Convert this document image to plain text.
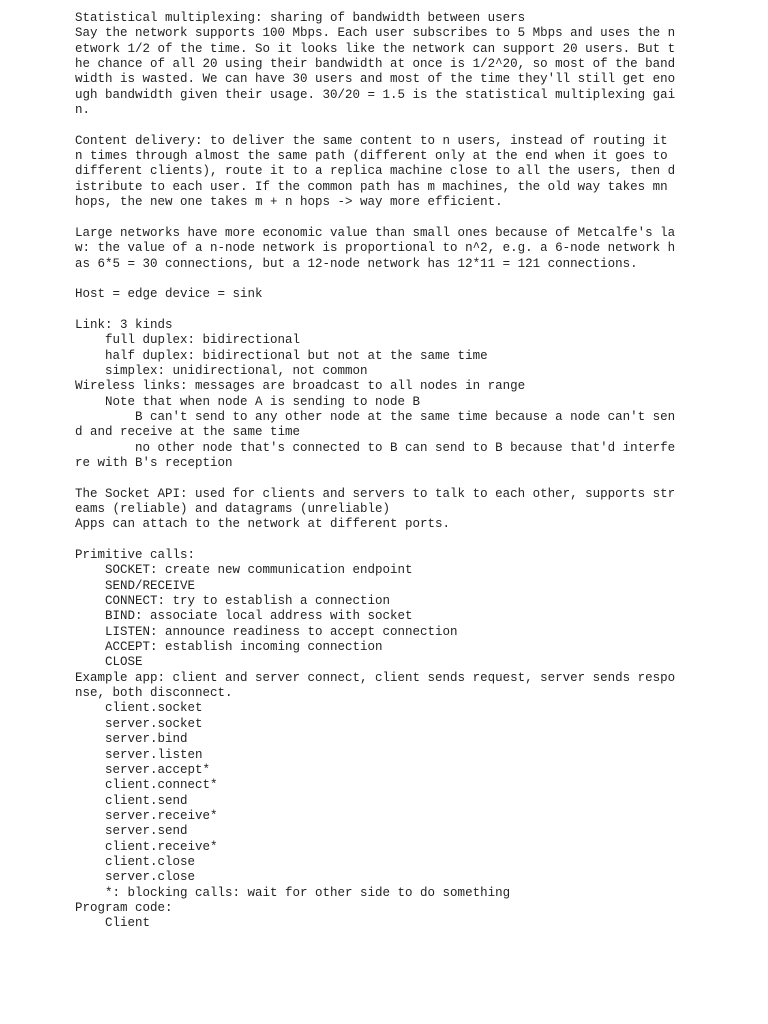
Statistical multiplexing: sharing of bandwidth between users
Say the network supports 100 Mbps. Each user subscribes to 5 Mbps and uses the n
etwork 1/2 of the time. So it looks like the network can support 20 users. But t
he chance of all 20 using their bandwidth at once is 1/2^20, so most of the band
width is wasted. We can have 30 users and most of the time they'll still get eno
ugh bandwidth given their usage. 30/20 = 1.5 is the statistical multiplexing gai
n.
Content delivery: to deliver the same content to n users, instead of routing it
n times through almost the same path (different only at the end when it goes to
different clients), route it to a replica machine close to all the users, then d
istribute to each user. If the common path has m machines, the old way takes mn
hops, the new one takes m + n hops -> way more efficient.
Large networks have more economic value than small ones because of Metcalfe's la
w: the value of a n-node network is proportional to n^2, e.g. a 6-node network h
as 6*5 = 30 connections, but a 12-node network has 12*11 = 121 connections.
Host = edge device = sink
Link: 3 kinds
full duplex: bidirectional
half duplex: bidirectional but not at the same time
simplex: unidirectional, not common
Wireless links: messages are broadcast to all nodes in range
Note that when node A is sending to node B
B can't send to any other node at the same time because a node can't sen
d and receive at the same time
no other node that's connected to B can send to B because that'd interfe
re with B's reception
The Socket API: used for clients and servers to talk to each other, supports str
eams (reliable) and datagrams (unreliable)
Apps can attach to the network at different ports.
Primitive calls:
SOCKET: create new communication endpoint
SEND/RECEIVE
CONNECT: try to establish a connection
BIND: associate local address with socket
LISTEN: announce readiness to accept connection
ACCEPT: establish incoming connection
CLOSE
Example app: client and server connect, client sends request, server sends respo
nse, both disconnect.
client.socket
server.socket
server.bind
server.listen
server.accept*
client.connect*
client.send
server.receive*
server.send
client.receive*
client.close
server.close
*: blocking calls: wait for other side to do something
Program code:
Client
